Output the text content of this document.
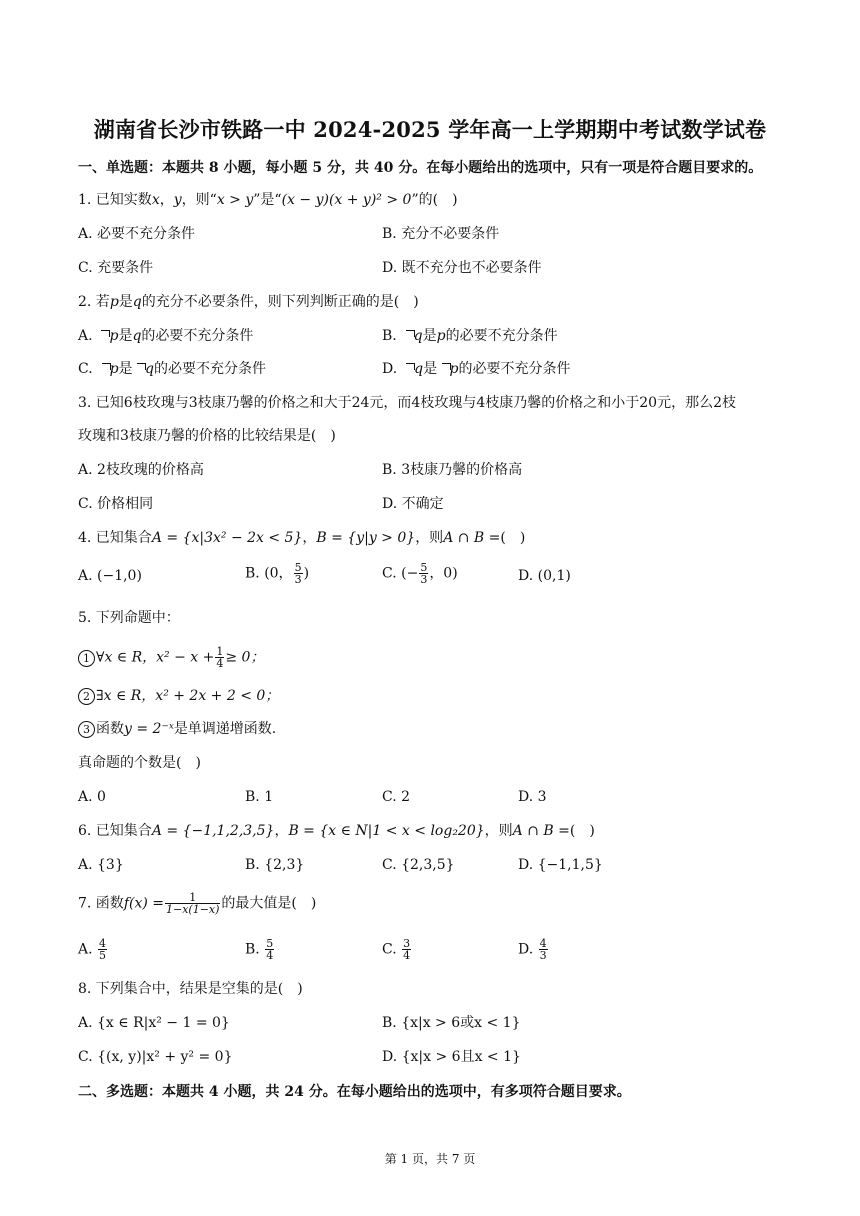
湖南省长沙市铁路一中 2024-2025 学年高一上学期期中考试数学试卷
一、单选题：本题共 8 小题，每小题 5 分，共 40 分。在每小题给出的选项中，只有一项是符合题目要求的。
1. 已知实数x，y，则“x > y”是“(x − y)(x + y)² > 0”的(　)
A. 必要不充分条件	B. 充分不必要条件
C. 充要条件	D. 既不充分也不必要条件
2. 若p是q的充分不必要条件，则下列判断正确的是(　)
A. p是q的必要不充分条件	B. q是p的必要不充分条件
C. p是 q的必要不充分条件	D. q是 p的必要不充分条件
3. 已知6枝玫瑰与3枝康乃馨的价格之和大于24元，而4枝玫瑰与4枝康乃馨的价格之和小于20元，那么2枝
玫瑰和3枝康乃馨的价格的比较结果是(　)
A. 2枝玫瑰的价格高	B. 3枝康乃馨的价格高
C. 价格相同	D. 不确定
4. 已知集合A = {x|3x² − 2x < 5}，B = {y|y > 0}，则A ∩ B =(　)
A. (−1,0)	B. (0， $\frac{5}{3}$ )	C. (− $\frac{5}{3}$ ，0)	D. (0,1)
5. 下列命题中：
1 ∀x ∈ R，$x^2 - x + \frac{1}{4} \ge 0$；
2 ∃x ∈ R，x² + 2x + 2 < 0；
3 函数y = 2⁻ˣ是单调递增函数.
真命题的个数是(　)
A. 0	B. 1	C. 2	D. 3
6. 已知集合A = {−1,1,2,3,5}，B = {x ∈ N|1 < x < log₂20}，则A ∩ B =(　)
A. {3}	B. {2,3}	C. {2,3,5}	D. {−1,1,5}
7. 函数$f(x) = \frac{1}{1-x(1-x)}$ 的最大值是(　)
A. $\frac{4}{5}$	B. $\frac{5}{4}$	C. $\frac{3}{4}$	D. $\frac{4}{3}$
8. 下列集合中，结果是空集的是(　)
A. {x ∈ R|x² − 1 = 0}	B. {x|x > 6或x < 1}
C. {(x, y)|x² + y² = 0}	D. {x|x > 6且x < 1}
二、多选题：本题共 4 小题，共 24 分。在每小题给出的选项中，有多项符合题目要求。
第 1 页，共 7 页
